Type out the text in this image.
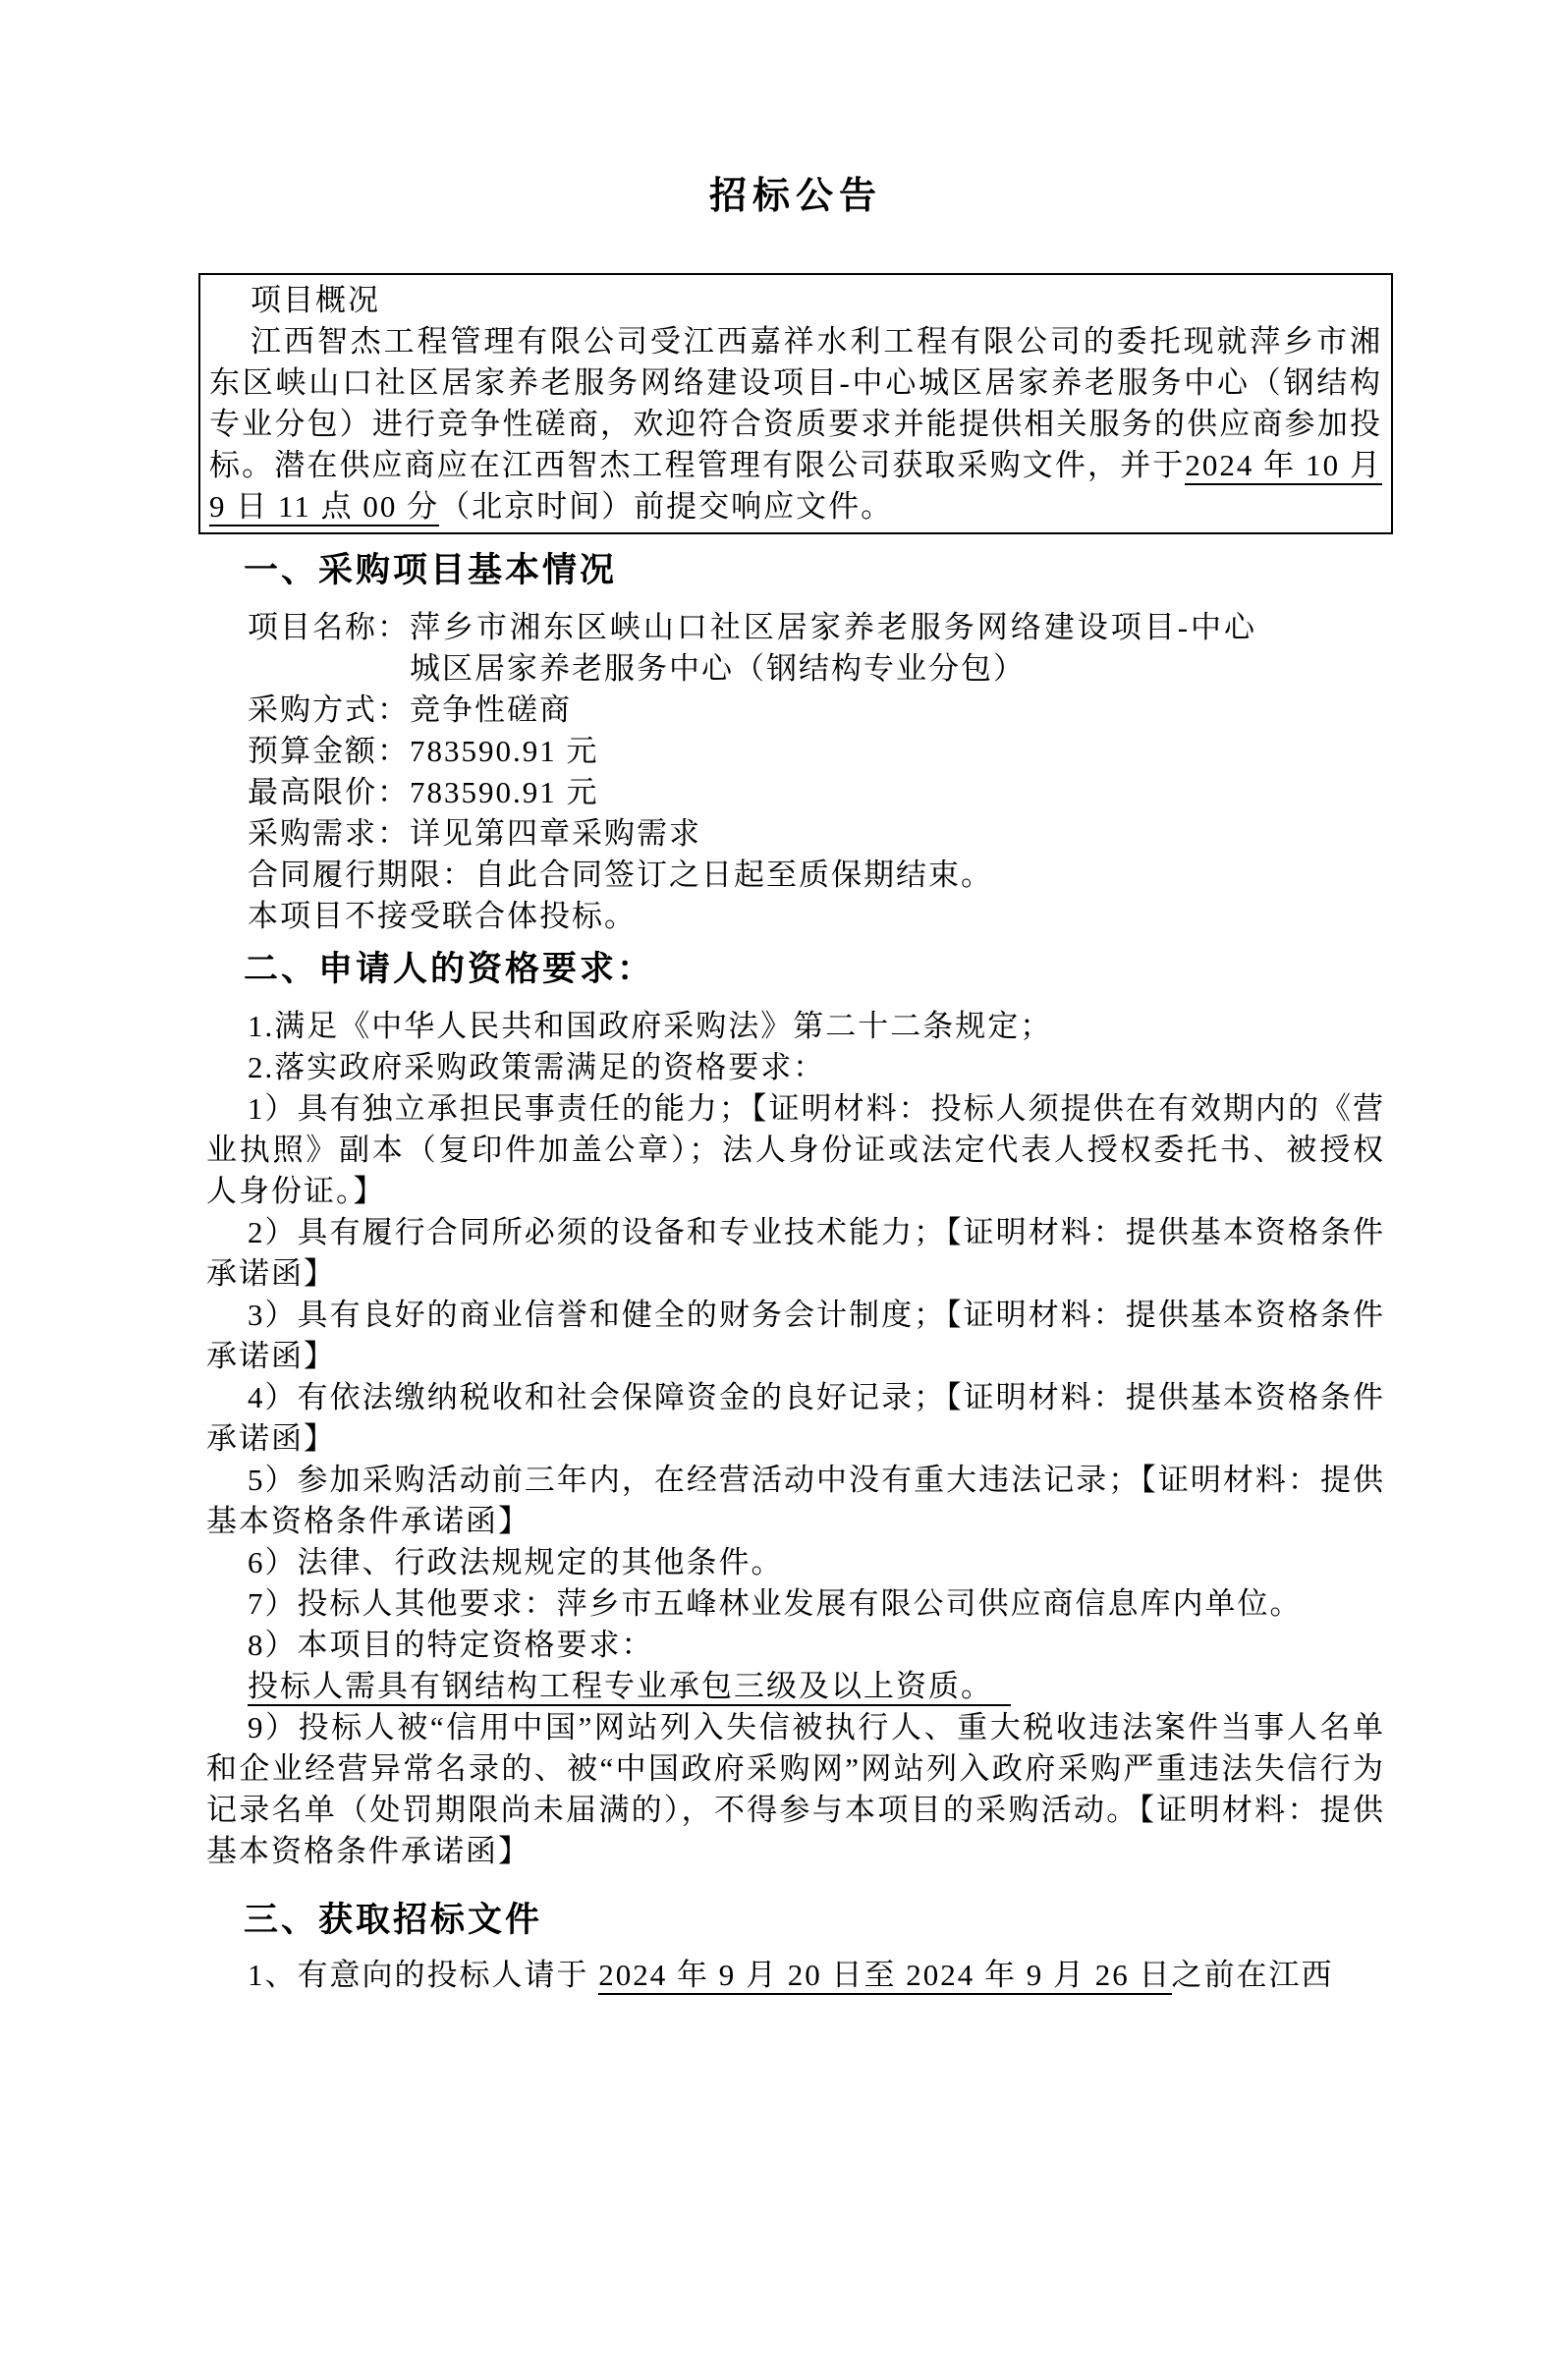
招标公告

项目概况

江西智杰工程管理有限公司受江西嘉祥水利工程有限公司的委托现就萍乡市湘东区峡山口社区居家养老服务网络建设项目-中心城区居家养老服务中心（钢结构专业分包）进行竞争性磋商，欢迎符合资质要求并能提供相关服务的供应商参加投标。潜在供应商应在江西智杰工程管理有限公司获取采购文件，并于2024 年 10 月 9 日 11 点 00 分（北京时间）前提交响应文件。

一、采购项目基本情况
项目名称： 萍乡市湘东区峡山口社区居家养老服务网络建设项目-中心城区居家养老服务中心（钢结构专业分包）

采购方式：竞争性磋商

预算金额：783590.91 元

最高限价：783590.91 元

采购需求：详见第四章采购需求

合同履行期限：自此合同签订之日起至质保期结束。

本项目不接受联合体投标。

二、申请人的资格要求：

1.满足《中华人民共和国政府采购法》第二十二条规定；

2.落实政府采购政策需满足的资格要求：

1）具有独立承担民事责任的能力；【证明材料：投标人须提供在有效期内的《营业执照》副本（复印件加盖公章）；法人身份证或法定代表人授权委托书、被授权人身份证。】

2）具有履行合同所必须的设备和专业技术能力；【证明材料：提供基本资格条件承诺函】

3）具有良好的商业信誉和健全的财务会计制度；【证明材料：提供基本资格条件承诺函】

4）有依法缴纳税收和社会保障资金的良好记录；【证明材料：提供基本资格条件承诺函】

5）参加采购活动前三年内，在经营活动中没有重大违法记录；【证明材料：提供基本资格条件承诺函】

6）法律、行政法规规定的其他条件。

7）投标人其他要求：萍乡市五峰林业发展有限公司供应商信息库内单位。

8）本项目的特定资格要求：

投标人需具有钢结构工程专业承包三级及以上资质。

9）投标人被“信用中国”网站列入失信被执行人、重大税收违法案件当事人名单和企业经营异常名录的、被“中国政府采购网”网站列入政府采购严重违法失信行为记录名单（处罚期限尚未届满的），不得参与本项目的采购活动。【证明材料：提供基本资格条件承诺函】

三、获取招标文件

1、有意向的投标人请于 2024 年 9 月 20 日至 2024 年 9 月 26 日之前在江西
